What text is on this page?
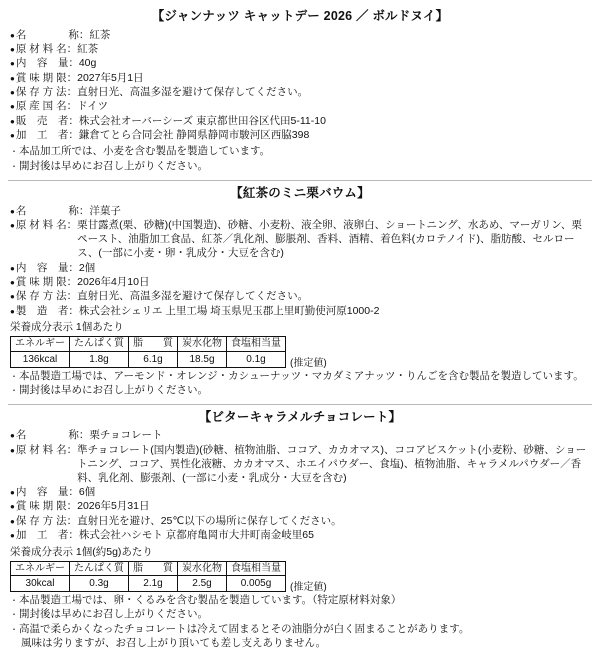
【ジャンナッツ キャットデー 2026 ／ ボルドヌイ】
● 名　　　　称 ： 紅茶
● 原 材 料 名 ： 紅茶
● 内　容　量 ： 40g
● 賞 味 期 限 ： 2027年5月1日
● 保 存 方 法 ： 直射日光、高温多湿を避けて保存してください。
● 原 産 国 名 ： ドイツ
● 販　売　者 ： 株式会社オーバーシーズ 東京都世田谷区代田5-11-10
● 加　工　者 ： 鎌倉てとら合同会社 静岡県静岡市駿河区西脇398
・ 本品加工所では、小麦を含む製品を製造しています。
・ 開封後は早めにお召し上がりください。
【紅茶のミニ栗バウム】
● 名　　　　称 ： 洋菓子
● 原 材 料 名 ： 栗甘露煮(栗、砂糖)(中国製造)、砂糖、小麦粉、液全卵、液卵白、ショートニング、水あめ、マーガリン、栗ペースト、油脂加工食品、紅茶／乳化剤、膨脹剤、香料、酒精、着色料(カロテノイド)、脂肪酸、セルロース、(一部に小麦・卵・乳成分・大豆を含む)
● 内　容　量 ： 2個
● 賞 味 期 限 ： 2026年4月10日
● 保 存 方 法 ： 直射日光、高温多湿を避けて保存してください。
● 製　造　者 ： 株式会社シェリエ 上里工場 埼玉県児玉郡上里町勤使河原1000-2
栄養成分表示 1個あたり
エネルギー	たんぱく質	脂　　質	炭水化物	食塩相当量
136kcal	1.8g	6.1g	18.5g	0.1g	(推定値)
・ 本品製造工場では、アーモンド・オレンジ・カシューナッツ・マカダミアナッツ・りんごを含む製品を製造しています。
・ 開封後は早めにお召し上がりください。
【ビターキャラメルチョコレート】
● 名　　　　称 ： 栗チョコレート
● 原 材 料 名 ： 準チョコレート(国内製造)(砂糖、植物油脂、ココア、カカオマス)、ココアビスケット(小麦粉、砂糖、ショートニング、ココア、異性化液糖、カカオマス、ホエイパウダー、食塩)、植物油脂、キャラメルパウダー／香料、乳化剤、膨張剤、(一部に小麦・乳成分・大豆を含む)
● 内　容　量 ： 6個
● 賞 味 期 限 ： 2026年5月31日
● 保 存 方 法 ： 直射日光を避け、25℃以下の場所に保存してください。
● 加　工　者 ： 株式会社ハシモト 京都府亀岡市大井町南金岐里65
栄養成分表示 1個(約5g)あたり
エネルギー	たんぱく質	脂　　質	炭水化物	食塩相当量
30kcal	0.3g	2.1g	2.5g	0.005g	(推定値)
・ 本品製造工場では、卵・くるみを含む製品を製造しています。（特定原材料対象）
・ 開封後は早めにお召し上がりください。
・ 高温で柔らかくなったチョコレートは冷えて固まるとその油脂分が白く固まることがあります。
風味は劣りますが、お召し上がり頂いても差し支えありません。
